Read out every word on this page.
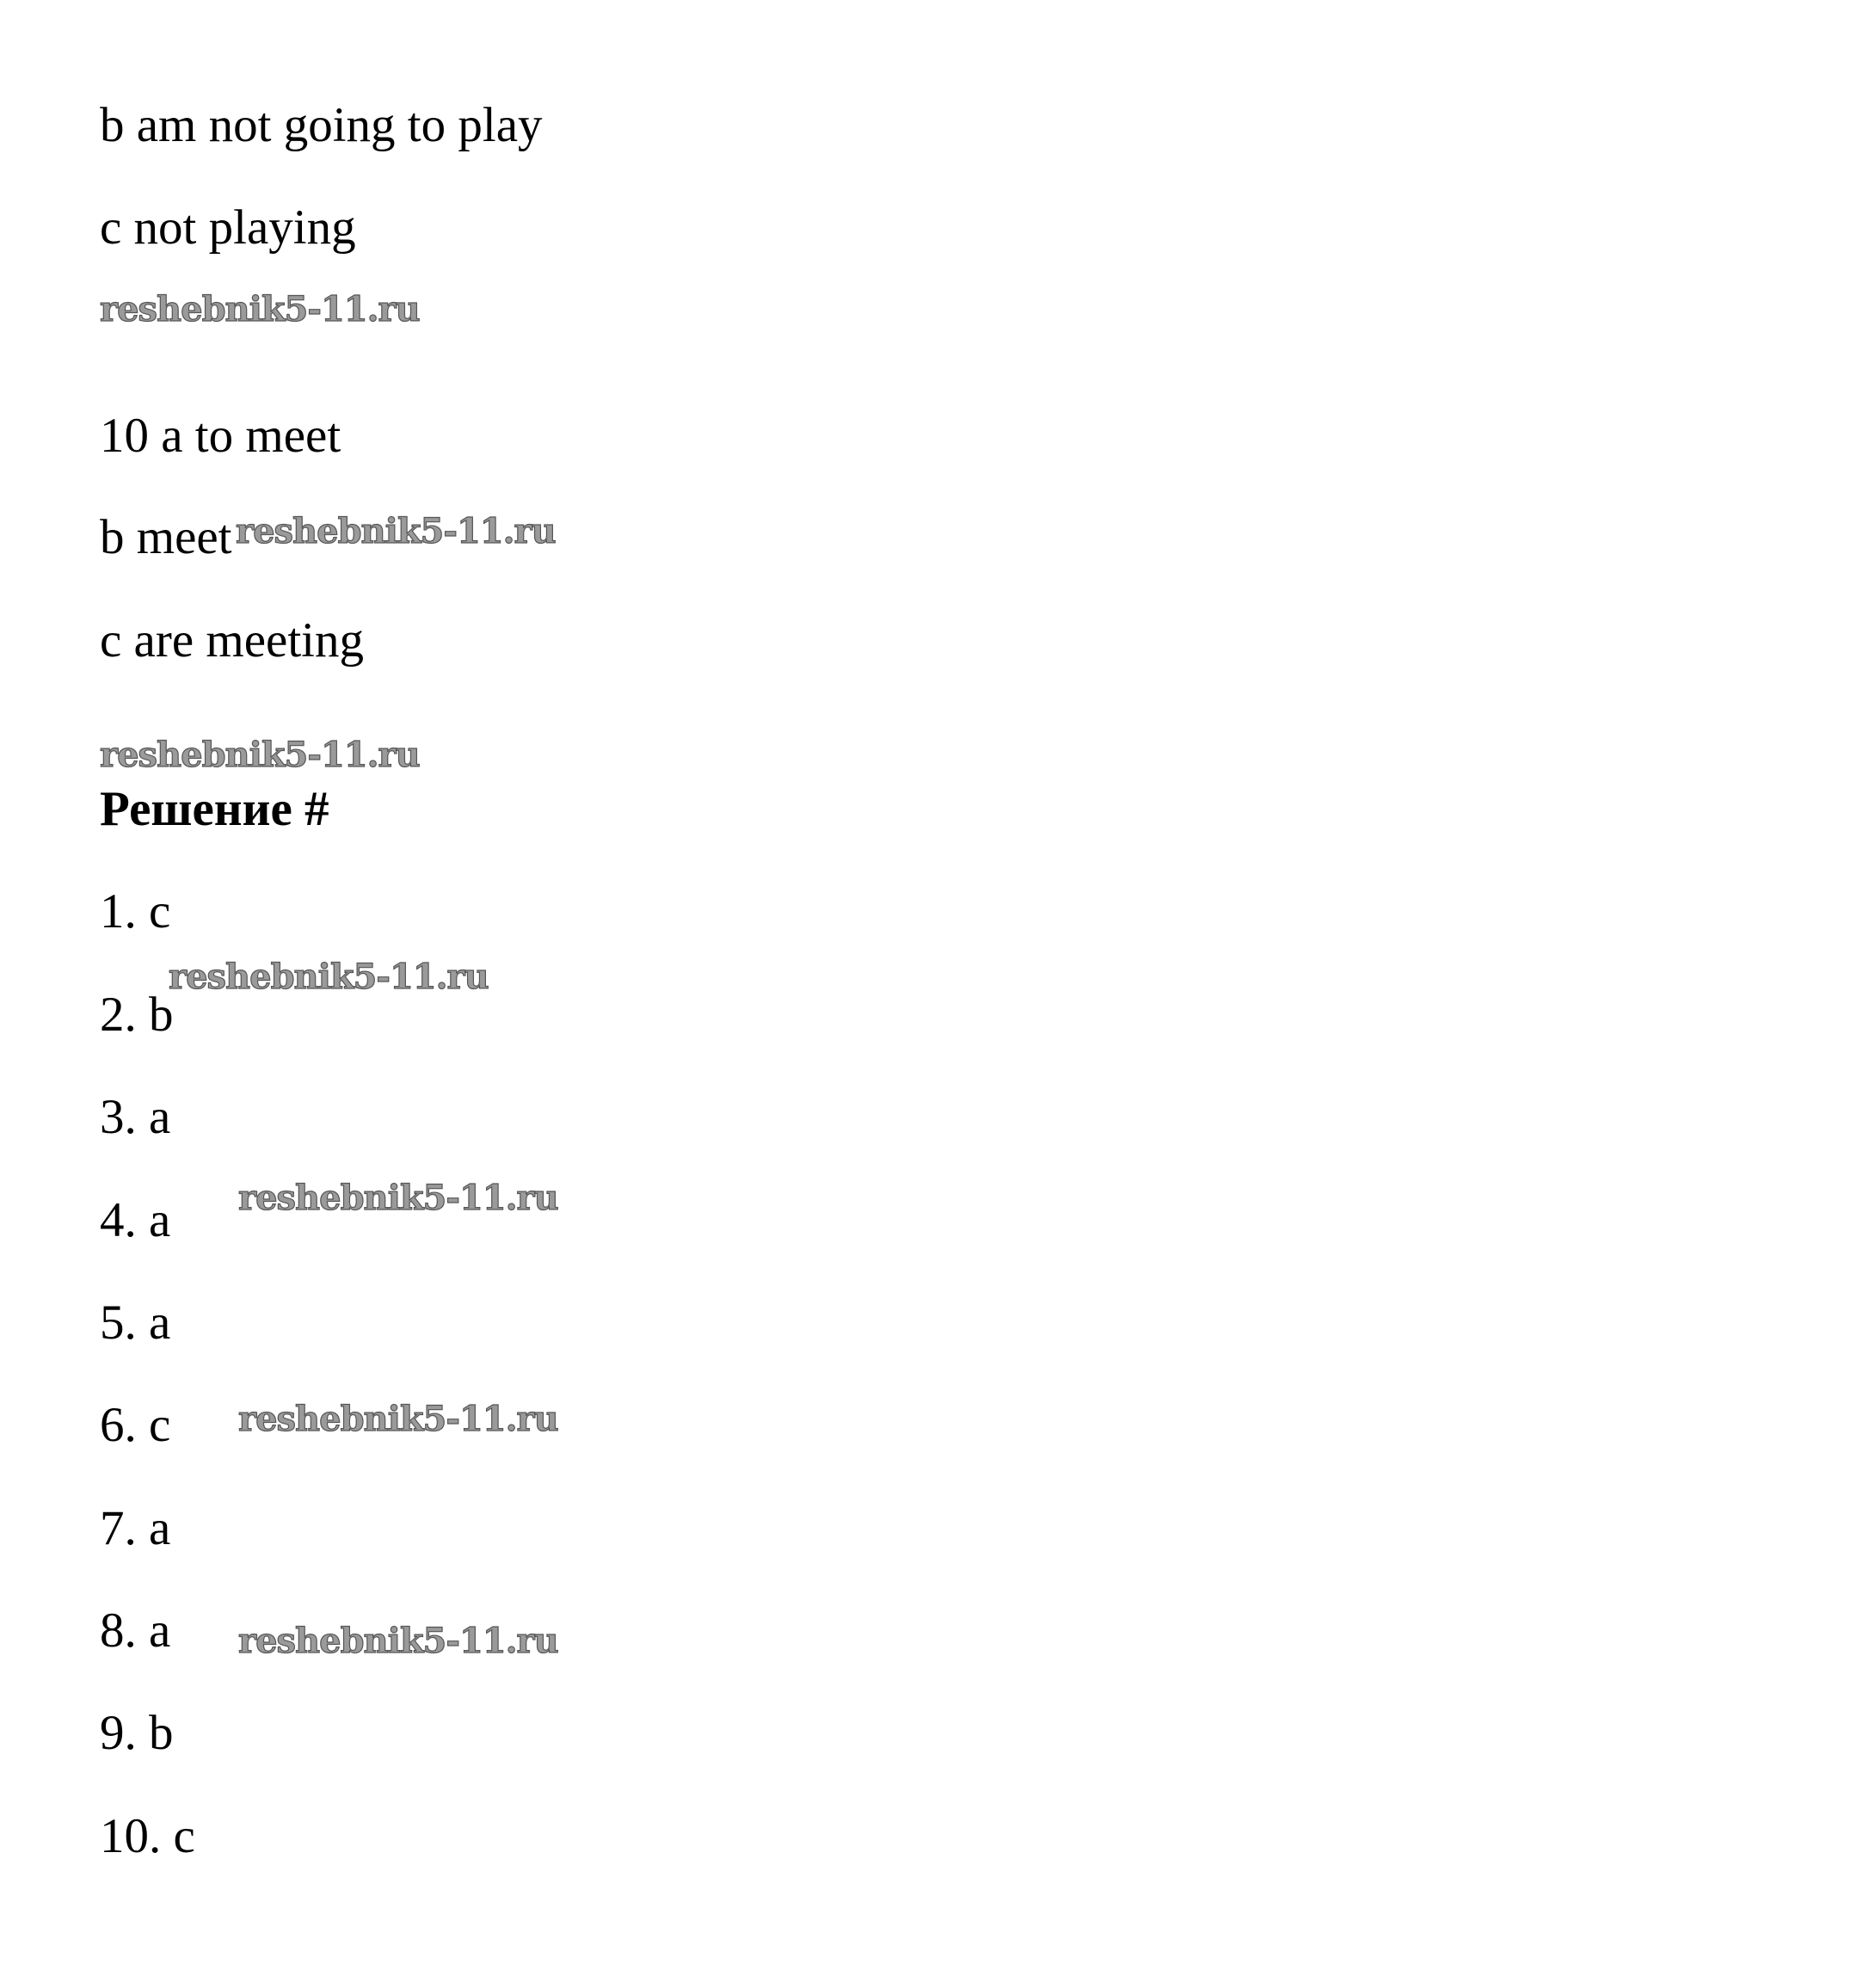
b am not going to play
c not playing
reshebnik5-11.ru
10 a to meet
b meet reshebnik5-11.ru
c are meeting
reshebnik5-11.ru
Решение #
1. c
reshebnik5-11.ru
2. b
3. a
4. a reshebnik5-11.ru
5. a
6. c reshebnik5-11.ru
7. a
8. a reshebnik5-11.ru
9. b
10. c
